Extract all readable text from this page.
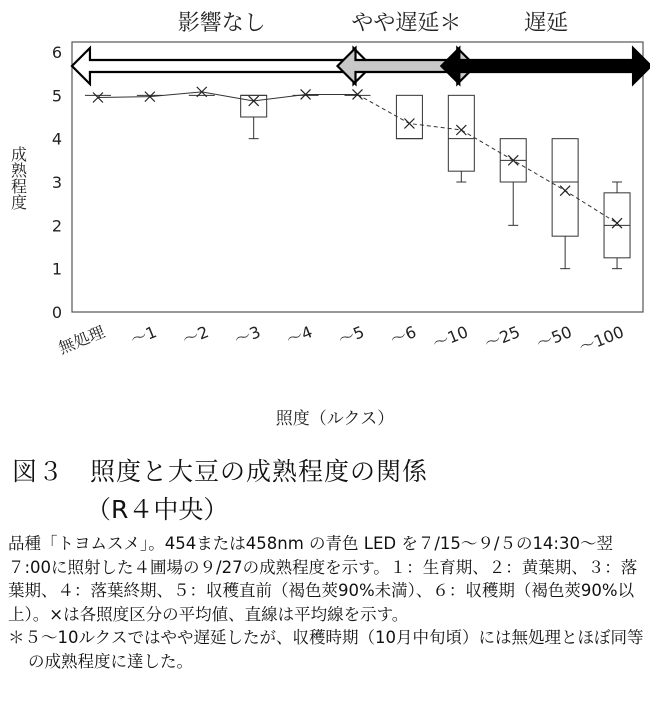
0
1
2
3
4
5
6
成熟程度
無処理 〜1 〜2 〜3 〜4 〜5 〜6 〜10 〜25 〜50 〜100
照度（ルクス）
影響なし	やや遅延＊	遅延
図３　照度と大豆の成熟程度の関係
（R４中央）

品種「トヨムスメ」。454または458nm の青色 LED を７/15〜９/５の14:30〜翌７:00に照射した４圃場の９/27の成熟程度を示す。１：生育期、２：黄葉期、３：落葉期、４：落葉終期、５：収穫直前（褐色莢90%未満）、６：収穫期（褐色莢90%以上）。×は各照度区分の平均値、直線は平均線を示す。

＊５〜10ルクスではやや遅延したが、収穫時期（10月中旬頃）には無処理とほぼ同等の成熟程度に達した。
